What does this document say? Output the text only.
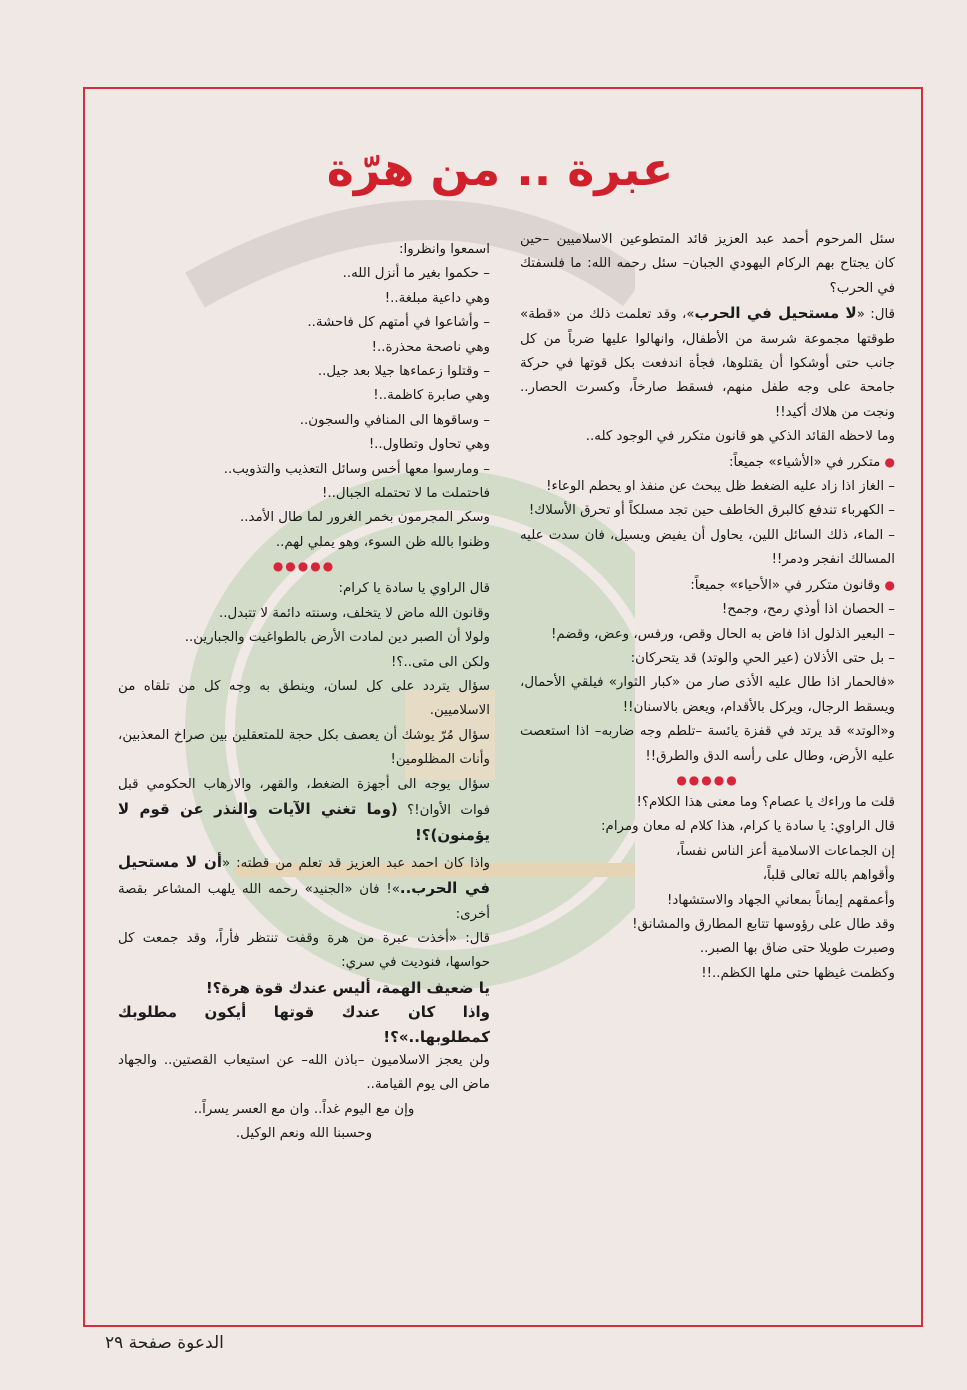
عبرة .. من هرّة

سئل المرحوم أحمد عبد العزيز قائد المتطوعين الاسلاميين –حين كان يجتاح بهم الركام اليهودي الجبان– سئل رحمه الله: ما فلسفتك في الحرب؟

قال: «لا مستحيل في الحرب»، وقد تعلمت ذلك من «قطة» طوقتها مجموعة شرسة من الأطفال، وانهالوا عليها ضرباً من كل جانب حتى أوشكوا أن يقتلوها، فجأة اندفعت بكل قوتها في حركة جامحة على وجه طفل منهم، فسقط صارخاً، وكسرت الحصار.. ونجت من هلاك أكيد!!

وما لاحظه القائد الذكي هو قانون متكرر في الوجود كله..

● متكرر في «الأشياء» جميعاً:

– الغاز اذا زاد عليه الضغط ظل يبحث عن منفذ او يحطم الوعاء!

– الكهرباء تندفع كالبرق الخاطف حين تجد مسلكاً أو تحرق الأسلاك!

– الماء، ذلك السائل اللين، يحاول أن يفيض ويسيل، فان سدت عليه المسالك انفجر ودمر!!

● وقانون متكرر في «الأحياء» جميعاً:

– الحصان اذا أوذي رمح، وجمح!

– البعير الذلول اذا فاض به الحال وقص، ورفس، وعض، وقضم!

– بل حتى الأذلان (عير الحي والوتد) قد يتحركان:

«فالحمار اذا طال عليه الأذى صار من «كبار الثوار» فيلقي الأحمال، ويسقط الرجال، ويركل بالأقدام، ويعض بالاسنان!!

و«الوتد» قد يرتد في قفزة يائسة –تلطم وجه ضاربه– اذا استعصت عليه الأرض، وطال على رأسه الدق والطرق!!

●●●●●

قلت ما وراءك يا عصام؟ وما معنى هذا الكلام؟!

قال الراوي: يا سادة يا كرام، هذا كلام له معان ومرام:

إن الجماعات الاسلامية أعز الناس نفساً،

وأقواهم بالله تعالى قلباً،

وأعمقهم إيماناً بمعاني الجهاد والاستشهاد!

وقد طال على رؤوسها تتابع المطارق والمشانق!

وصبرت طويلا حتى ضاق بها الصبر..

وكظمت غيظها حتى ملها الكظم..!!

اسمعوا وانظروا:

– حكموا بغير ما أنزل الله..

وهي داعية مبلغة..!

– وأشاعوا في أمتهم كل فاحشة..

وهي ناصحة محذرة..!

– وقتلوا زعماءها جيلا بعد جيل..

وهي صابرة كاظمة..!

– وساقوها الى المنافي والسجون..

وهي تحاول وتطاول..!

– ومارسوا معها أخس وسائل التعذيب والتذويب..

فاحتملت ما لا تحتمله الجبال..!

وسكر المجرمون بخمر الغرور لما طال الأمد..

وظنوا بالله ظن السوء، وهو يملي لهم..

●●●●●

قال الراوي يا سادة يا كرام:

وقانون الله ماض لا يتخلف، وسنته دائمة لا تتبدل..

ولولا أن الصبر دين لمادت الأرض بالطواغيت والجبارين..

ولكن الى متى..؟!

سؤال يتردد على كل لسان، وينطق به وجه كل من تلقاه من الاسلاميين.

سؤال مُرّ يوشك أن يعصف بكل حجة للمتعقلين بين صراخ المعذبين، وأنات المظلومين!

سؤال يوجه الى أجهزة الضغط، والقهر، والارهاب الحكومي قبل فوات الأوان!؟ (وما تغني الآيات والنذر عن قوم لا يؤمنون)؟!

واذا كان احمد عبد العزيز قد تعلم من قطته: «أن لا مستحيل في الحرب..»! فان «الجنيد» رحمه الله يلهب المشاعر بقصة أخرى:

قال: «أخذت عبرة من هرة وقفت تنتظر فأراً، وقد جمعت كل حواسها، فنوديت في سري:

يا ضعيف الهمة، أليس عندك قوة هرة؟!

واذا كان عندك قوتها أيكون مطلوبك كمطلوبها..»؟!

ولن يعجز الاسلاميون –باذن الله– عن استيعاب القصتين.. والجهاد ماض الى يوم القيامة..

وإن مع اليوم غداً.. وان مع العسر يسراً..

وحسبنا الله ونعم الوكيل.

الدعوة صفحة ٢٩
